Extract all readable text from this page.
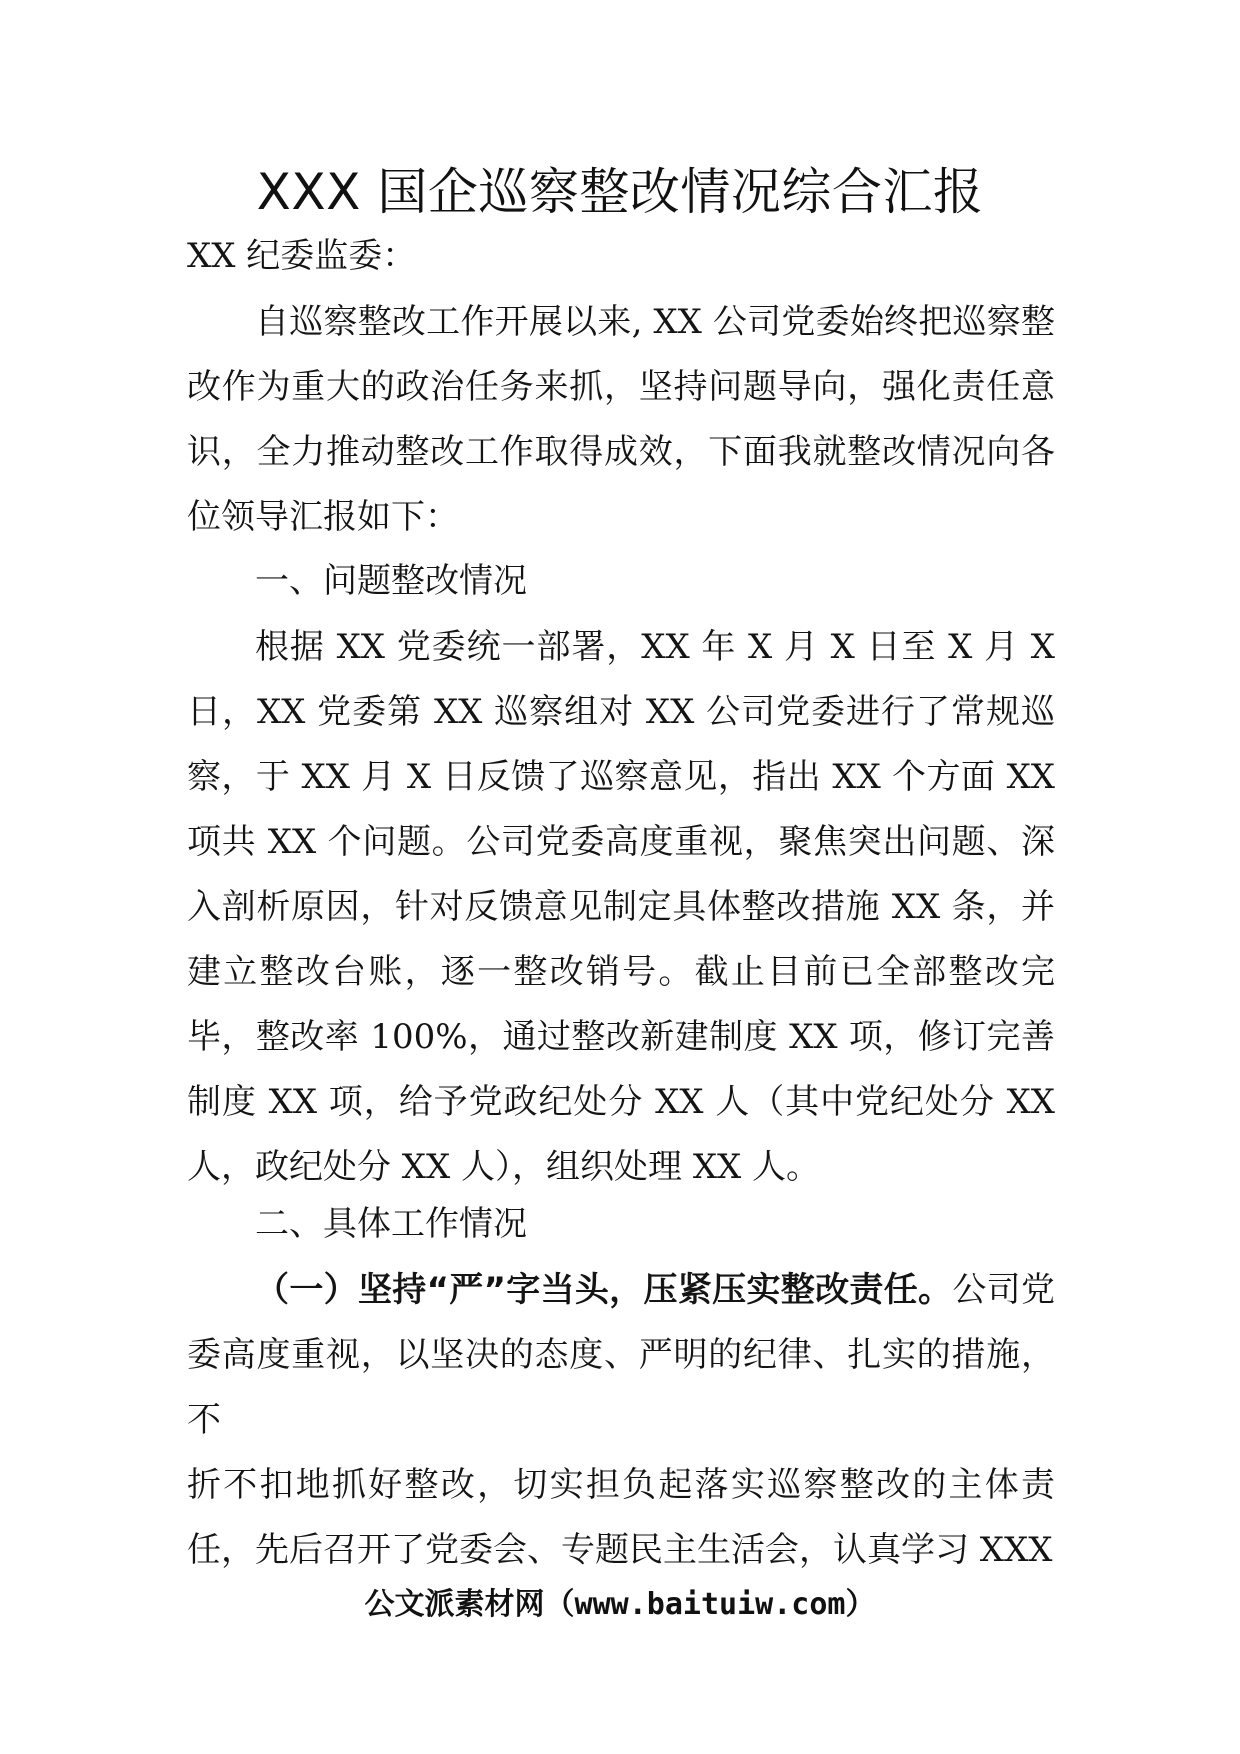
XXX 国企巡察整改情况综合汇报
XX 纪委监委：
自巡察整改工作开展以来, XX 公司党委始终把巡察整改作为重大的政治任务来抓，坚持问题导向，强化责任意识，全力推动整改工作取得成效，下面我就整改情况向各位领导汇报如下：
一、问题整改情况
根据 XX 党委统一部署，XX 年 X 月 X 日至 X 月 X 日，XX 党委第 XX 巡察组对 XX 公司党委进行了常规巡察，于 XX 月 X 日反馈了巡察意见，指出 XX 个方面 XX 项共 XX 个问题。公司党委高度重视，聚焦突出问题、深入剖析原因，针对反馈意见制定具体整改措施 XX 条，并建立整改台账，逐一整改销号。截止目前已全部整改完毕，整改率 100%，通过整改新建制度 XX 项，修订完善制度 XX 项，给予党政纪处分 XX 人（其中党纪处分 XX 人，政纪处分 XX 人），组织处理 XX 人。
二、具体工作情况
（一）坚持“严”字当头，压紧压实整改责任。公司党委高度重视，以坚决的态度、严明的纪律、扎实的措施，不
折不扣地抓好整改，切实担负起落实巡察整改的主体责任，先后召开了党委会、专题民主生活会，认真学习 XXX
公文派素材网（www.baituiw.com）
